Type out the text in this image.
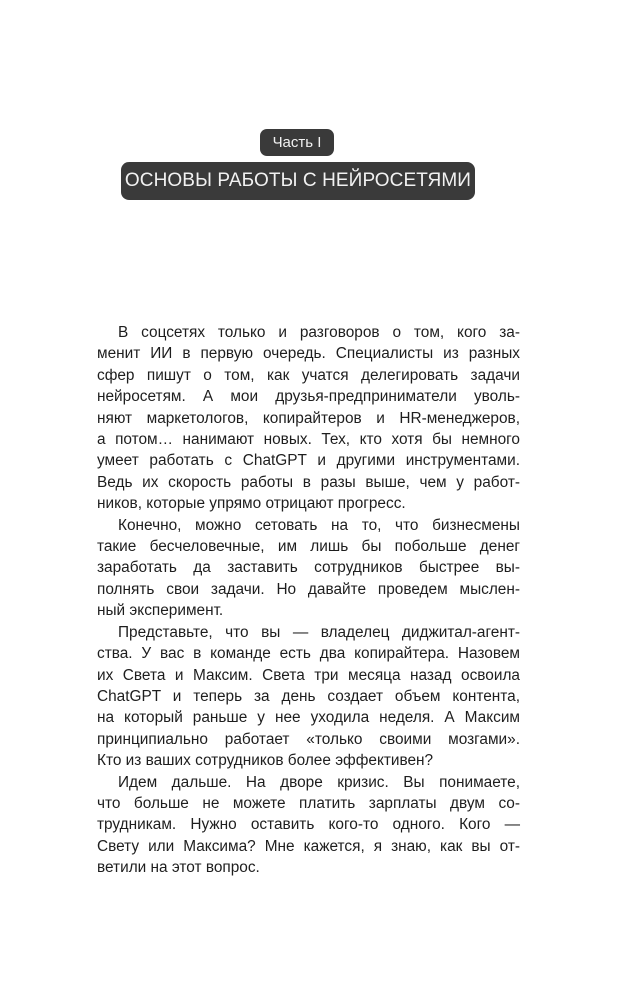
Часть I
ОСНОВЫ РАБОТЫ С НЕЙРОСЕТЯМИ
В соцсетях только и разговоров о том, кого за-
менит ИИ в первую очередь. Специалисты из разных
сфер пишут о том, как учатся делегировать задачи
нейросетям. А мои друзья-предприниматели уволь-
няют маркетологов, копирайтеров и HR-менеджеров,
а потом… нанимают новых. Тех, кто хотя бы немного
умеет работать с ChatGPT и другими инструментами.
Ведь их скорость работы в разы выше, чем у работ-
ников, которые упрямо отрицают прогресс.
Конечно, можно сетовать на то, что бизнесмены
такие бесчеловечные, им лишь бы побольше денег
заработать да заставить сотрудников быстрее вы-
полнять свои задачи. Но давайте проведем мыслен-
ный эксперимент.
Представьте, что вы — владелец диджитал-агент-
ства. У вас в команде есть два копирайтера. Назовем
их Света и Максим. Света три месяца назад освоила
ChatGPT и теперь за день создает объем контента,
на который раньше у нее уходила неделя. А Максим
принципиально работает «только своими мозгами».
Кто из ваших сотрудников более эффективен?
Идем дальше. На дворе кризис. Вы понимаете,
что больше не можете платить зарплаты двум со-
трудникам. Нужно оставить кого-то одного. Кого —
Свету или Максима? Мне кажется, я знаю, как вы от-
ветили на этот вопрос.
